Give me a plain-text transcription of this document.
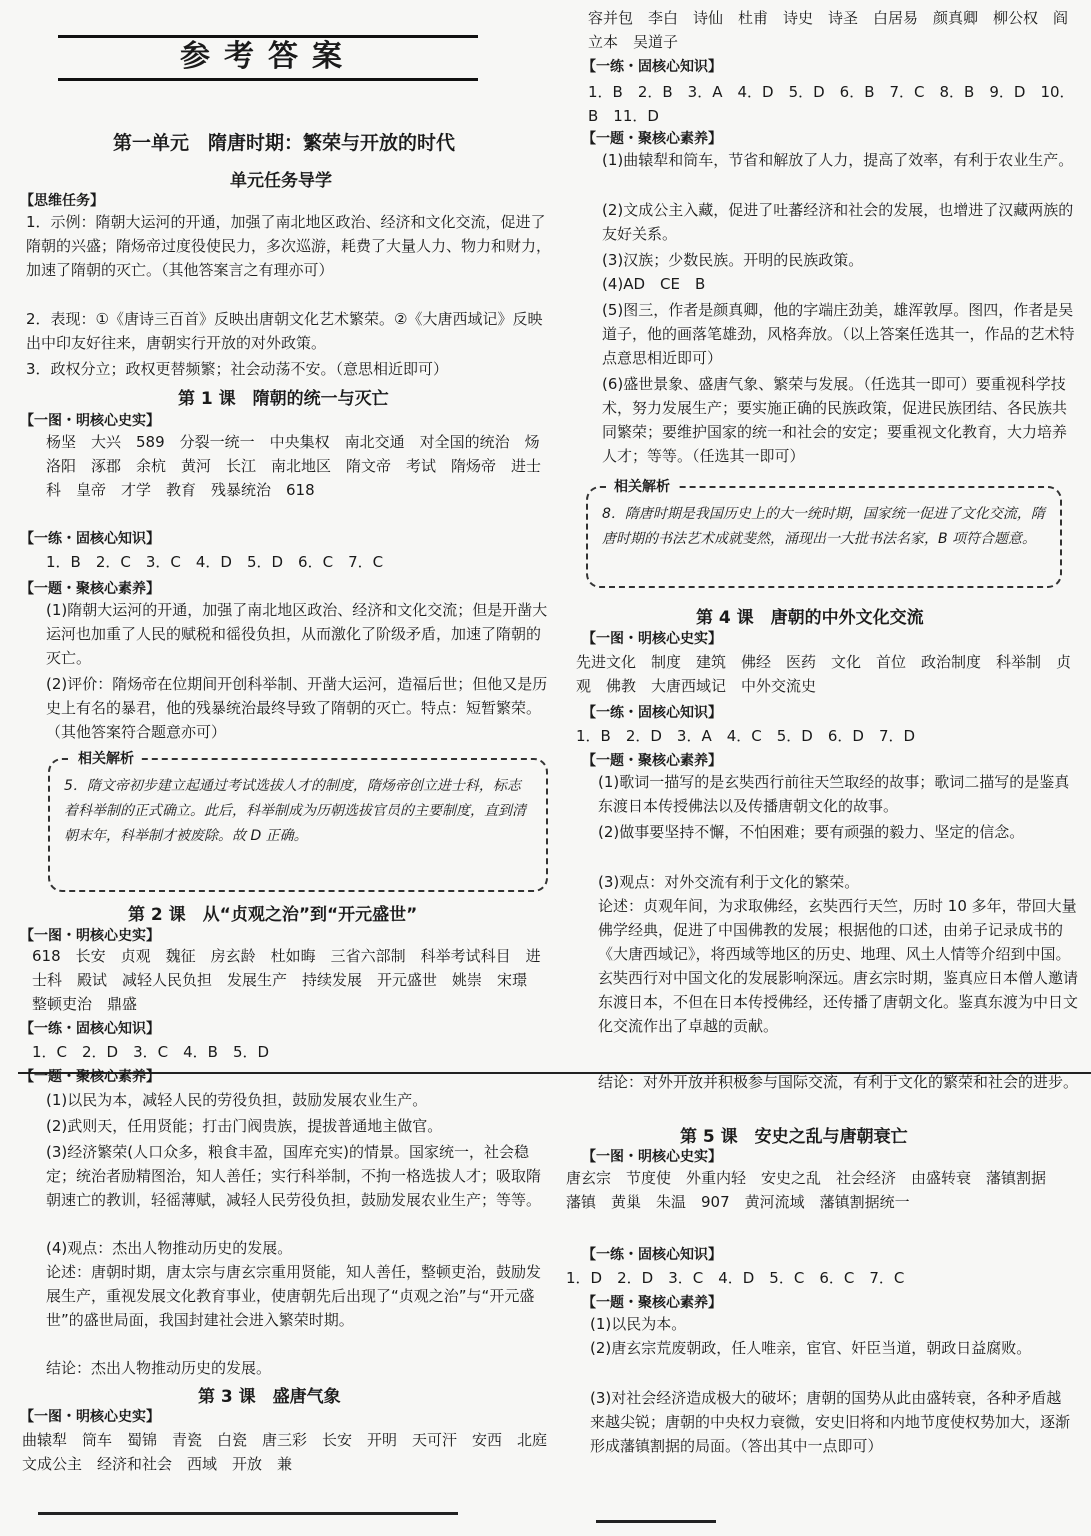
参考答案
第一单元　隋唐时期：繁荣与开放的时代
单元任务导学
【思维任务】
1．示例：隋朝大运河的开通，加强了南北地区政治、经济和文化交流，促进了隋朝的兴盛；隋炀帝过度役使民力，多次巡游，耗费了大量人力、物力和财力，加速了隋朝的灭亡。（其他答案言之有理亦可）
2．表现：①《唐诗三百首》反映出唐朝文化艺术繁荣。②《大唐西域记》反映出中印友好往来，唐朝实行开放的对外政策。
3．政权分立；政权更替频繁；社会动荡不安。（意思相近即可）
第 1 课　隋朝的统一与灭亡
【一图・明核心史实】
杨坚　大兴　589　分裂一统一　中央集权　南北交通　对全国的统治　炀　洛阳　涿郡　余杭　黄河　长江　南北地区　隋文帝　考试　隋炀帝　进士科　皇帝　才学　教育　残暴统治　618
【一练・固核心知识】
1．B　2．C　3．C　4．D　5．D　6．C　7．C
【一题・聚核心素养】
(1)隋朝大运河的开通，加强了南北地区政治、经济和文化交流；但是开凿大运河也加重了人民的赋税和徭役负担，从而激化了阶级矛盾，加速了隋朝的灭亡。
(2)评价：隋炀帝在位期间开创科举制、开凿大运河，造福后世；但他又是历史上有名的暴君，他的残暴统治最终导致了隋朝的灭亡。特点：短暂繁荣。（其他答案符合题意亦可）
相关解析
5．隋文帝初步建立起通过考试选拔人才的制度，隋炀帝创立进士科，标志着科举制的正式确立。此后，科举制成为历朝选拔官员的主要制度，直到清朝末年，科举制才被废除。故 D 正确。
第 2 课　从“贞观之治”到“开元盛世”
【一图・明核心史实】
618　长安　贞观　魏征　房玄龄　杜如晦　三省六部制　科举考试科目　进士科　殿试　减轻人民负担　发展生产　持续发展　开元盛世　姚崇　宋璟　整顿吏治　鼎盛
【一练・固核心知识】
1．C　2．D　3．C　4．B　5．D
【一题・聚核心素养】
(1)以民为本，减轻人民的劳役负担，鼓励发展农业生产。
(2)武则天，任用贤能；打击门阀贵族，提拔普通地主做官。
(3)经济繁荣(人口众多，粮食丰盈，国库充实)的情景。国家统一，社会稳定；统治者励精图治，知人善任；实行科举制，不拘一格选拔人才；吸取隋朝速亡的教训，轻徭薄赋，减轻人民劳役负担，鼓励发展农业生产；等等。
(4)观点：杰出人物推动历史的发展。
论述：唐朝时期，唐太宗与唐玄宗重用贤能，知人善任，整顿吏治，鼓励发展生产，重视发展文化教育事业，使唐朝先后出现了“贞观之治”与“开元盛世”的盛世局面，我国封建社会进入繁荣时期。
结论：杰出人物推动历史的发展。
第 3 课　盛唐气象
【一图・明核心史实】
曲辕犁　筒车　蜀锦　青瓷　白瓷　唐三彩　长安　开明　天可汗　安西　北庭　文成公主　经济和社会　西域　开放　兼
容并包　李白　诗仙　杜甫　诗史　诗圣　白居易　颜真卿　柳公权　阎立本　吴道子
【一练・固核心知识】
1．B　2．B　3．A　4．D　5．D　6．B　7．C　8．B　9．D　10．B　11．D
【一题・聚核心素养】
(1)曲辕犁和筒车，节省和解放了人力，提高了效率，有利于农业生产。
(2)文成公主入藏，促进了吐蕃经济和社会的发展，也增进了汉藏两族的友好关系。
(3)汉族；少数民族。开明的民族政策。
(4)AD　CE　B
(5)图三，作者是颜真卿，他的字端庄劲美，雄浑敦厚。图四，作者是吴道子，他的画落笔雄劲，风格奔放。（以上答案任选其一，作品的艺术特点意思相近即可）
(6)盛世景象、盛唐气象、繁荣与发展。（任选其一即可）要重视科学技术，努力发展生产；要实施正确的民族政策，促进民族团结、各民族共同繁荣；要维护国家的统一和社会的安定；要重视文化教育，大力培养人才；等等。（任选其一即可）
相关解析
8．隋唐时期是我国历史上的大一统时期，国家统一促进了文化交流，隋唐时期的书法艺术成就斐然，涌现出一大批书法名家，B 项符合题意。
第 4 课　唐朝的中外文化交流
【一图・明核心史实】
先进文化　制度　建筑　佛经　医药　文化　首位　政治制度　科举制　贞观　佛教　大唐西域记　中外交流史
【一练・固核心知识】
1．B　2．D　3．A　4．C　5．D　6．D　7．D
【一题・聚核心素养】
(1)歌词一描写的是玄奘西行前往天竺取经的故事；歌词二描写的是鉴真东渡日本传授佛法以及传播唐朝文化的故事。
(2)做事要坚持不懈，不怕困难；要有顽强的毅力、坚定的信念。
(3)观点：对外交流有利于文化的繁荣。
论述：贞观年间，为求取佛经，玄奘西行天竺，历时 10 多年，带回大量佛学经典，促进了中国佛教的发展；根据他的口述，由弟子记录成书的《大唐西域记》，将西域等地区的历史、地理、风土人情等介绍到中国。玄奘西行对中国文化的发展影响深远。唐玄宗时期，鉴真应日本僧人邀请东渡日本，不但在日本传授佛经，还传播了唐朝文化。鉴真东渡为中日文化交流作出了卓越的贡献。
结论：对外开放并积极参与国际交流，有利于文化的繁荣和社会的进步。
第 5 课　安史之乱与唐朝衰亡
【一图・明核心史实】
唐玄宗　节度使　外重内轻　安史之乱　社会经济　由盛转衰　藩镇割据　藩镇　黄巢　朱温　907　黄河流域　藩镇割据统一
【一练・固核心知识】
1．D　2．D　3．C　4．D　5．C　6．C　7．C
【一题・聚核心素养】
(1)以民为本。
(2)唐玄宗荒废朝政，任人唯亲，宦官、奸臣当道，朝政日益腐败。
(3)对社会经济造成极大的破坏；唐朝的国势从此由盛转衰，各种矛盾越来越尖锐；唐朝的中央权力衰微，安史旧将和内地节度使权势加大，逐渐形成藩镇割据的局面。（答出其中一点即可）
